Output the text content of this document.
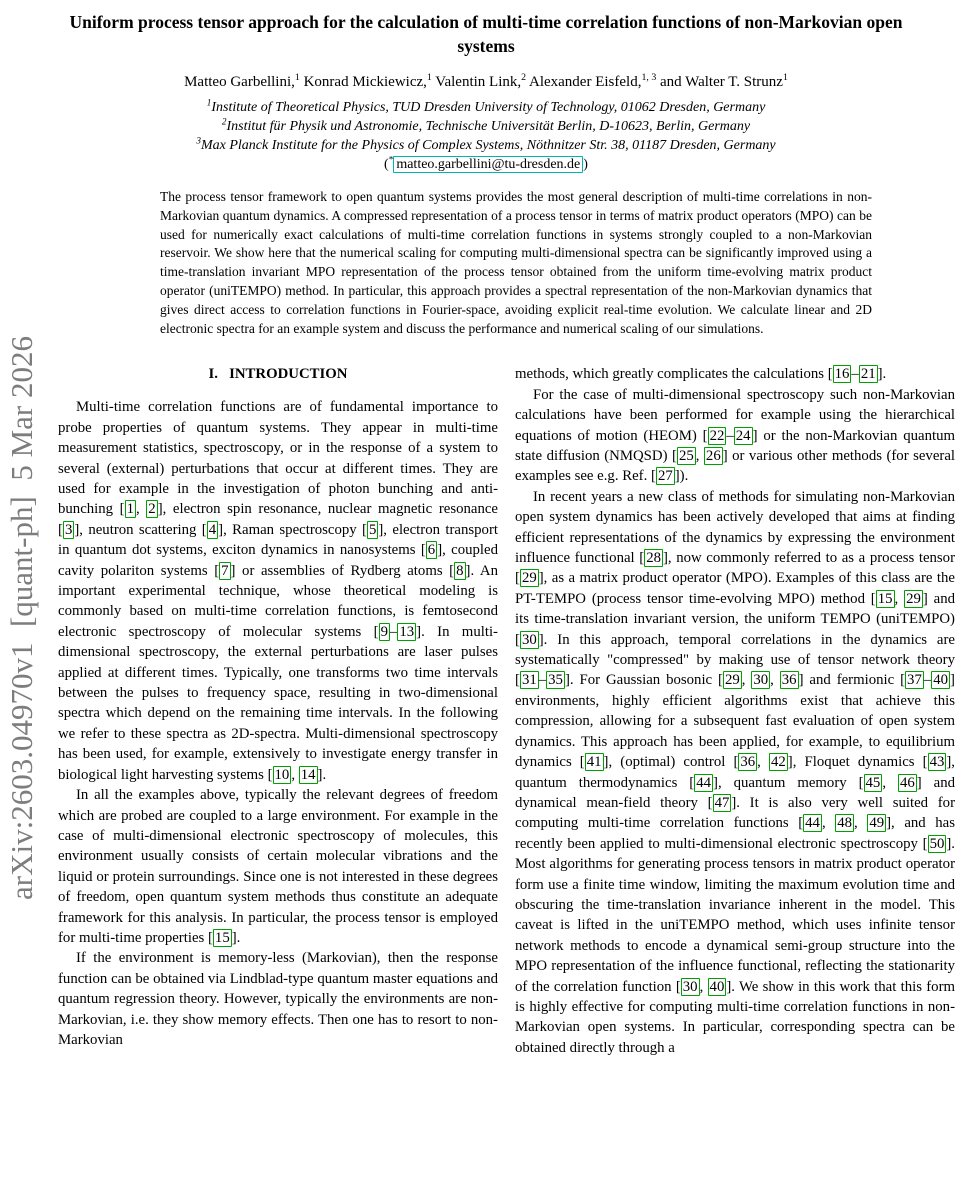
arXiv:2603.04970v1  [quant-ph]  5 Mar 2026
Uniform process tensor approach for the calculation of multi-time correlation functions of non-Markovian open systems
Matteo Garbellini,$^1$ Konrad Mickiewicz,$^1$ Valentin Link,$^2$ Alexander Eisfeld,$^{1, 3}$ and Walter T. Strunz$^1$
$^1$Institute of Theoretical Physics, TUD Dresden University of Technology, 01062 Dresden, Germany
$^2$Institut für Physik und Astronomie, Technische Universität Berlin, D-10623, Berlin, Germany
$^3$Max Planck Institute for the Physics of Complex Systems, Nöthnitzer Str. 38, 01187 Dresden, Germany
(* matteo.garbellini@tu-dresden.de )
The process tensor framework to open quantum systems provides the most general description of multi-time correlations in non-Markovian quantum dynamics. A compressed representation of a process tensor in terms of matrix product operators (MPO) can be used for numerically exact calculations of multi-time correlation functions in systems strongly coupled to a non-Markovian reservoir. We show here that the numerical scaling for computing multi-dimensional spectra can be significantly improved using a time-translation invariant MPO representation of the process tensor obtained from the uniform time-evolving matrix product operator (uniTEMPO) method. In particular, this approach provides a spectral representation of the non-Markovian dynamics that gives direct access to correlation functions in Fourier-space, avoiding explicit real-time evolution. We calculate linear and 2D electronic spectra for an example system and discuss the performance and numerical scaling of our simulations.
I.   INTRODUCTION

Multi-time correlation functions are of fundamental importance to probe properties of quantum systems. They appear in multi-time measurement statistics, spectroscopy, or in the response of a system to several (external) perturbations that occur at different times. They are used for example in the investigation of photon bunching and anti-bunching [ 1 , 2 ], electron spin resonance, nuclear magnetic resonance [ 3 ], neutron scattering [ 4 ], Raman spectroscopy [ 5 ], electron transport in quantum dot systems, exciton dynamics in nanosystems [ 6 ], coupled cavity polariton systems [ 7 ] or assemblies of Rydberg atoms [ 8 ]. An important experimental technique, whose theoretical modeling is commonly based on multi-time correlation functions, is femtosecond electronic spectroscopy of molecular systems [ 9 – 13 ]. In multi-dimensional spectroscopy, the external perturbations are laser pulses applied at different times. Typically, one transforms two time intervals between the pulses to frequency space, resulting in two-dimensional spectra which depend on the remaining time intervals. In the following we refer to these spectra as 2D-spectra. Multi-dimensional spectroscopy has been used, for example, extensively to investigate energy transfer in biological light harvesting systems [ 10 , 14 ].

In all the examples above, typically the relevant degrees of freedom which are probed are coupled to a large environment. For example in the case of multi-dimensional electronic spectroscopy of molecules, this environment usually consists of certain molecular vibrations and the liquid or protein surroundings. Since one is not interested in these degrees of freedom, open quantum system methods thus constitute an adequate framework for this analysis. In particular, the process tensor is employed for multi-time properties [ 15 ].

If the environment is memory-less (Markovian), then the response function can be obtained via Lindblad-type quantum master equations and quantum regression theory. However, typically the environments are non-Markovian, i.e. they show memory effects. Then one has to resort to non-Markovian

methods, which greatly complicates the calculations [ 16 – 21 ].

For the case of multi-dimensional spectroscopy such non-Markovian calculations have been performed for example using the hierarchical equations of motion (HEOM) [ 22 – 24 ] or the non-Markovian quantum state diffusion (NMQSD) [ 25 , 26 ] or various other methods (for several examples see e.g. Ref. [ 27 ]).

In recent years a new class of methods for simulating non-Markovian open system dynamics has been actively developed that aims at finding efficient representations of the dynamics by expressing the environment influence functional [ 28 ], now commonly referred to as a process tensor [ 29 ], as a matrix product operator (MPO). Examples of this class are the PT-TEMPO (process tensor time-evolving MPO) method [ 15 , 29 ] and its time-translation invariant version, the uniform TEMPO (uniTEMPO) [ 30 ]. In this approach, temporal correlations in the dynamics are systematically "compressed" by making use of tensor network theory [ 31 – 35 ]. For Gaussian bosonic [ 29 , 30 , 36 ] and fermionic [ 37 – 40 ] environments, highly efficient algorithms exist that achieve this compression, allowing for a subsequent fast evaluation of open system dynamics. This approach has been applied, for example, to equilibrium dynamics [ 41 ], (optimal) control [ 36 , 42 ], Floquet dynamics [ 43 ], quantum thermodynamics [ 44 ], quantum memory [ 45 , 46 ] and dynamical mean-field theory [ 47 ]. It is also very well suited for computing multi-time correlation functions [ 44 , 48 , 49 ], and has recently been applied to multi-dimensional electronic spectroscopy [ 50 ]. Most algorithms for generating process tensors in matrix product operator form use a finite time window, limiting the maximum evolution time and obscuring the time-translation invariance inherent in the model. This caveat is lifted in the uniTEMPO method, which uses infinite tensor network methods to encode a dynamical semi-group structure into the MPO representation of the influence functional, reflecting the stationarity of the correlation function [ 30 , 40 ]. We show in this work that this form is highly effective for computing multi-time correlation functions in non-Markovian open systems. In particular, corresponding spectra can be obtained directly through a
